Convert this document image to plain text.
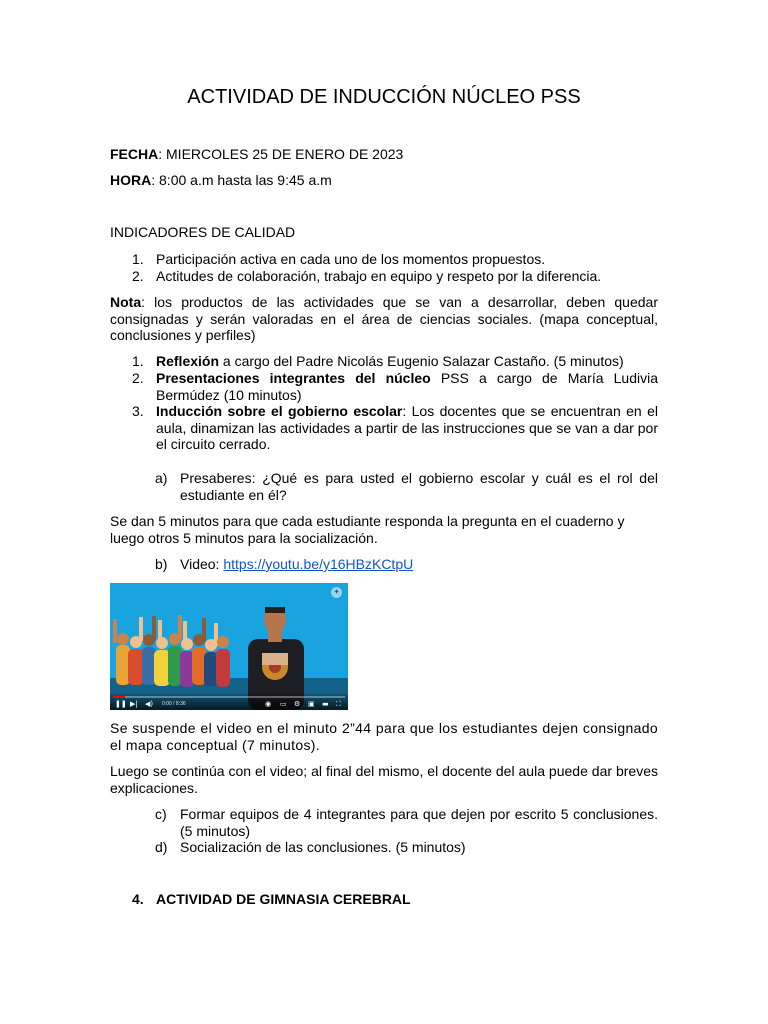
ACTIVIDAD DE INDUCCIÓN NÚCLEO PSS

FECHA: MIERCOLES 25 DE ENERO DE 2023

HORA: 8:00 a.m hasta las 9:45 a.m

INDICADORES DE CALIDAD

1. Participación activa en cada uno de los momentos propuestos.
2. Actitudes de colaboración, trabajo en equipo y respeto por la diferencia.

Nota: los productos de las actividades que se van a desarrollar, deben quedar consignadas y serán valoradas en el área de ciencias sociales. (mapa conceptual, conclusiones y perfiles)

1. Reflexión a cargo del Padre Nicolás Eugenio Salazar Castaño. (5 minutos)
2. Presentaciones integrantes del núcleo PSS a cargo de María Ludivia Bermúdez (10 minutos)
3. Inducción sobre el gobierno escolar: Los docentes que se encuentran en el aula, dinamizan las actividades a partir de las instrucciones que se van a dar por el circuito cerrado.
a) Presaberes: ¿Qué es para usted el gobierno escolar y cuál es el rol del estudiante en él?

Se dan 5 minutos para que cada estudiante responda la pregunta en el cuaderno y luego otros 5 minutos para la socialización.

b) Video: https://youtu.be/y16HBzKCtpU
✦
❚❚ ▶| ◀) 0:00 / 8:36	◉ ▭ ⚙ ▣ ▬ ⛶

Se suspende el video en el minuto 2”44 para que los estudiantes dejen consignado el mapa conceptual (7 minutos).

Luego se continúa con el video; al final del mismo, el docente del aula puede dar breves explicaciones.

c) Formar equipos de 4 integrantes para que dejen por escrito 5 conclusiones. (5 minutos)
d) Socialización de las conclusiones. (5 minutos)
4. ACTIVIDAD DE GIMNASIA CEREBRAL
